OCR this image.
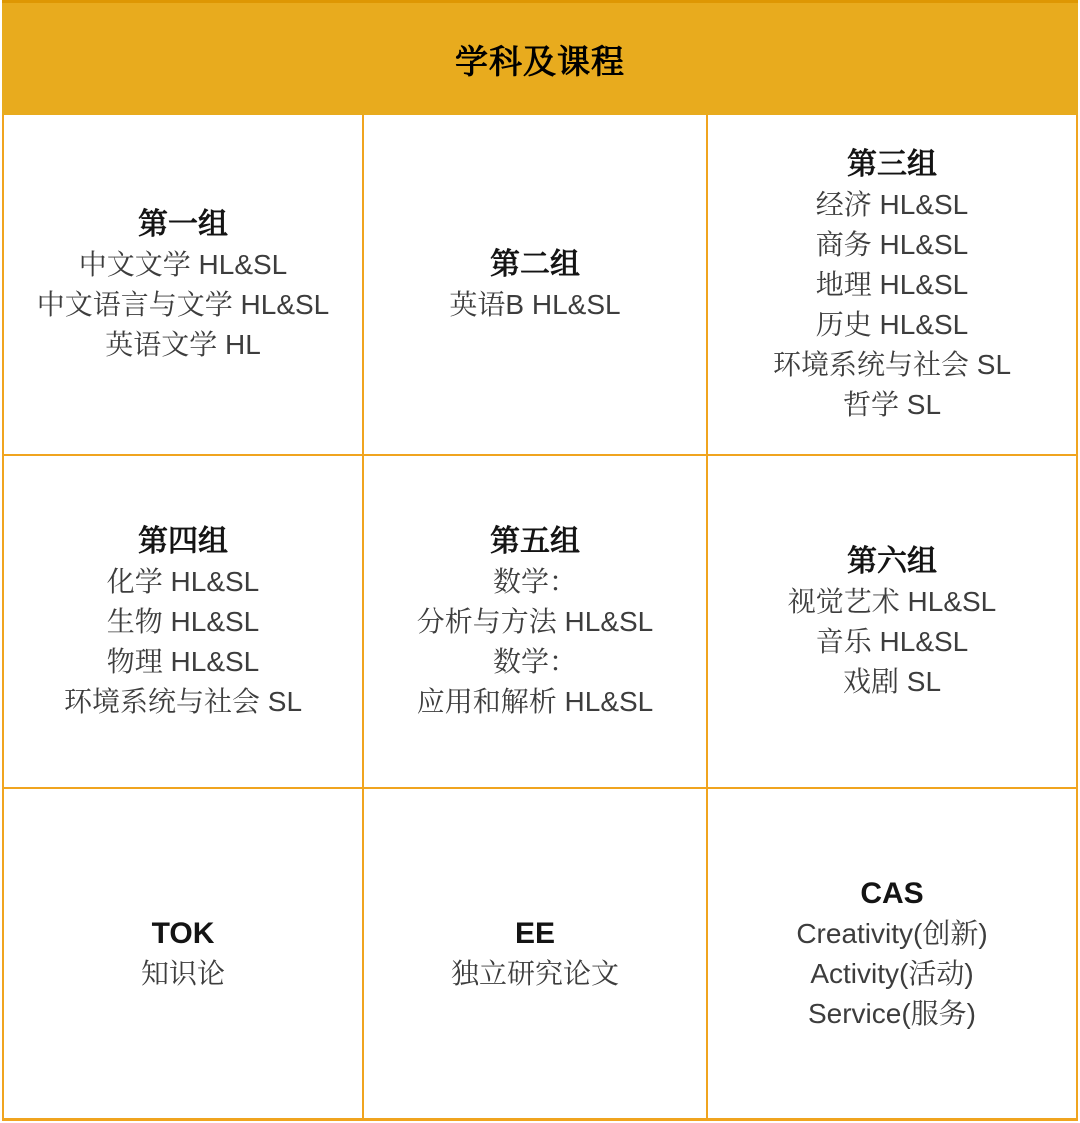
学科及课程
第一组
中文文学 HL&SL
中文语言与文学 HL&SL
英语文学 HL
第二组
英语B HL&SL
第三组
经济 HL&SL
商务 HL&SL
地理 HL&SL
历史 HL&SL
环境系统与社会 SL
哲学 SL
第四组
化学 HL&SL
生物 HL&SL
物理 HL&SL
环境系统与社会 SL
第五组
数学：
分析与方法 HL&SL
数学：
应用和解析 HL&SL
第六组
视觉艺术 HL&SL
音乐 HL&SL
戏剧 SL
TOK
知识论
EE
独立研究论文
CAS
Creativity(创新)
Activity(活动)
Service(服务)
